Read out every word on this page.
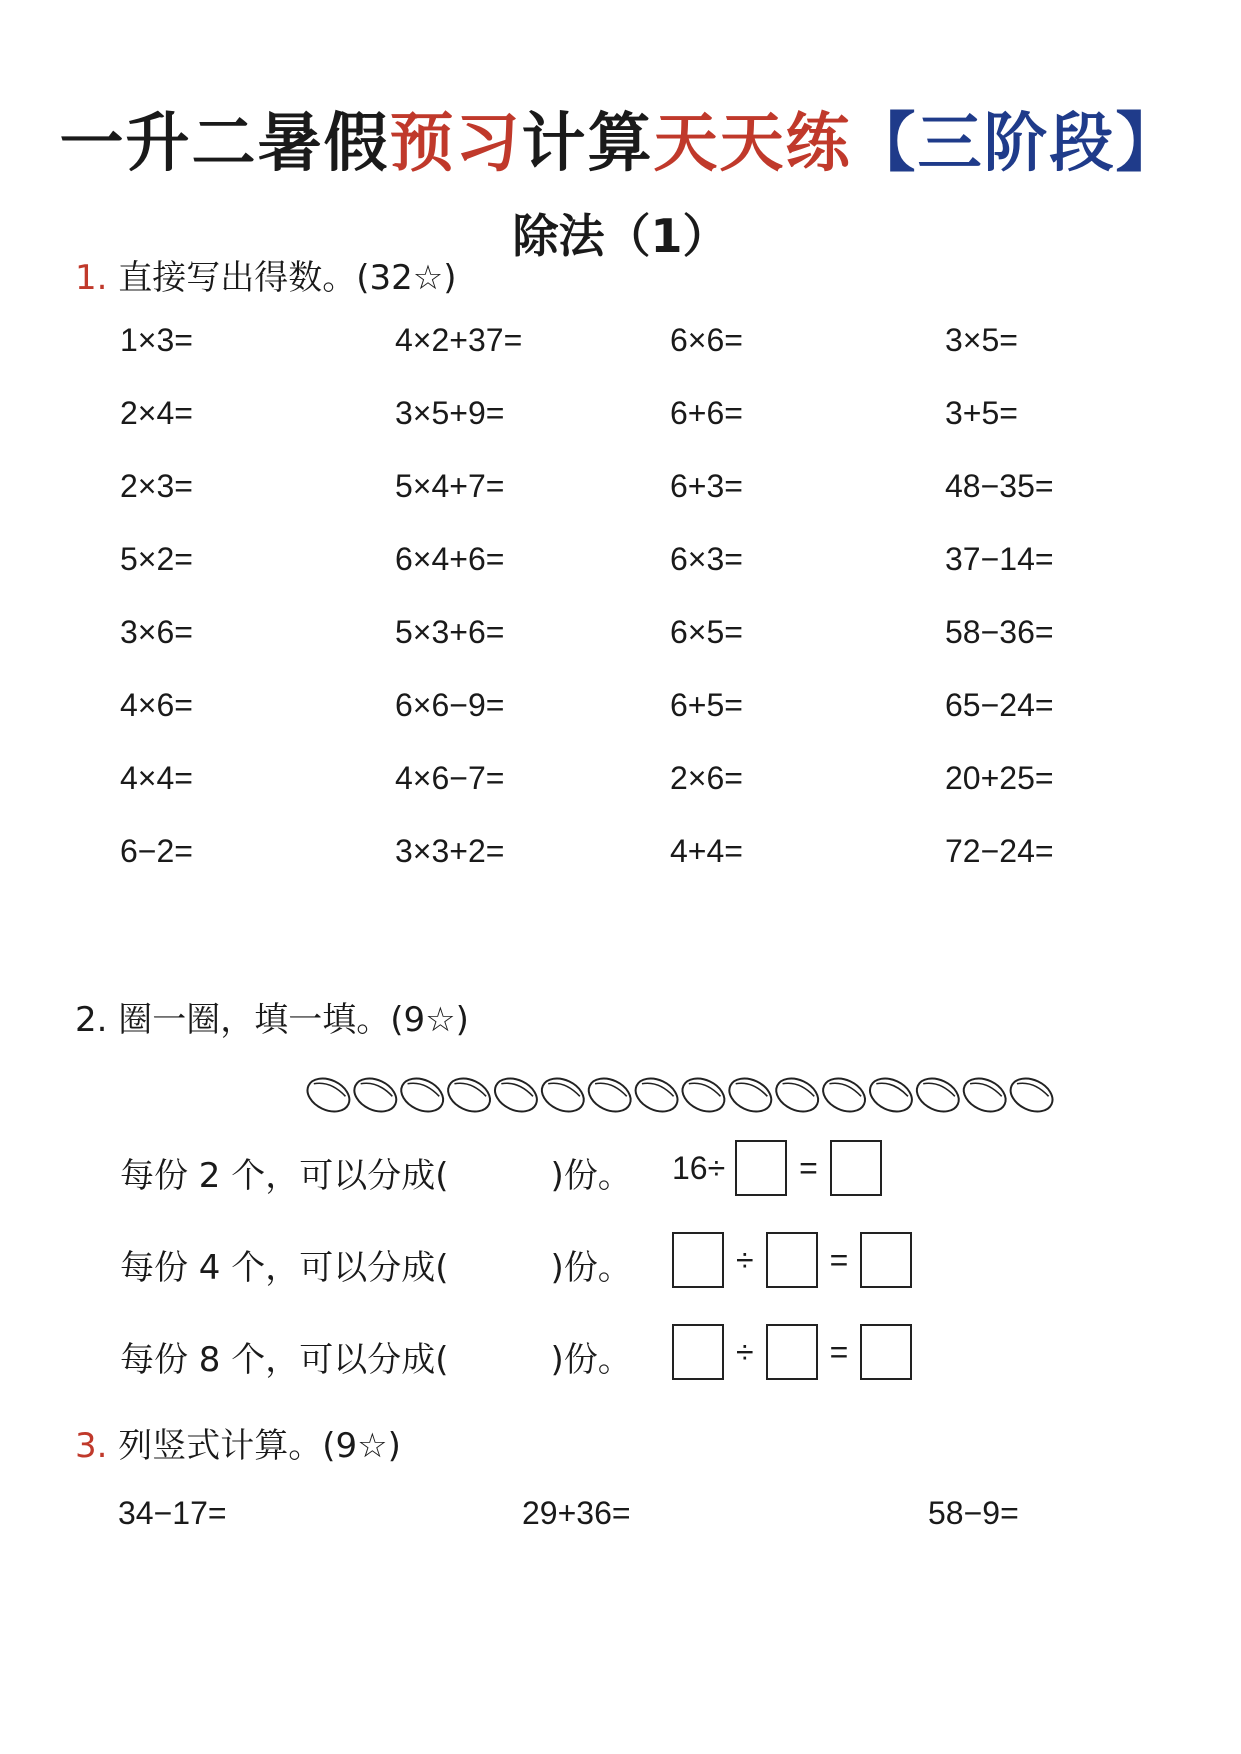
一升二暑假预习计算天天练【三阶段】
除法（1）
1. 直接写出得数。(32☆)
1×3=	4×2+37=	6×6=	3×5=
2×4=	3×5+9=	6+6=	3+5=
2×3=	5×4+7=	6+3=	48−35=
5×2=	6×4+6=	6×3=	37−14=
3×6=	5×3+6=	6×5=	58−36=
4×6=	6×6−9=	6+5=	65−24=
4×4=	4×6−7=	2×6=	20+25=
6−2=	3×3+2=	4+4=	72−24=
2. 圈一圈，填一填。(9☆)
每份 2 个，可以分成(　　　)份。 16÷ =
每份 4 个，可以分成(　　　)份。	÷ =
每份 8 个，可以分成(　　　)份。	÷ =
3. 列竖式计算。(9☆)
34−17=	29+36=	58−9=
